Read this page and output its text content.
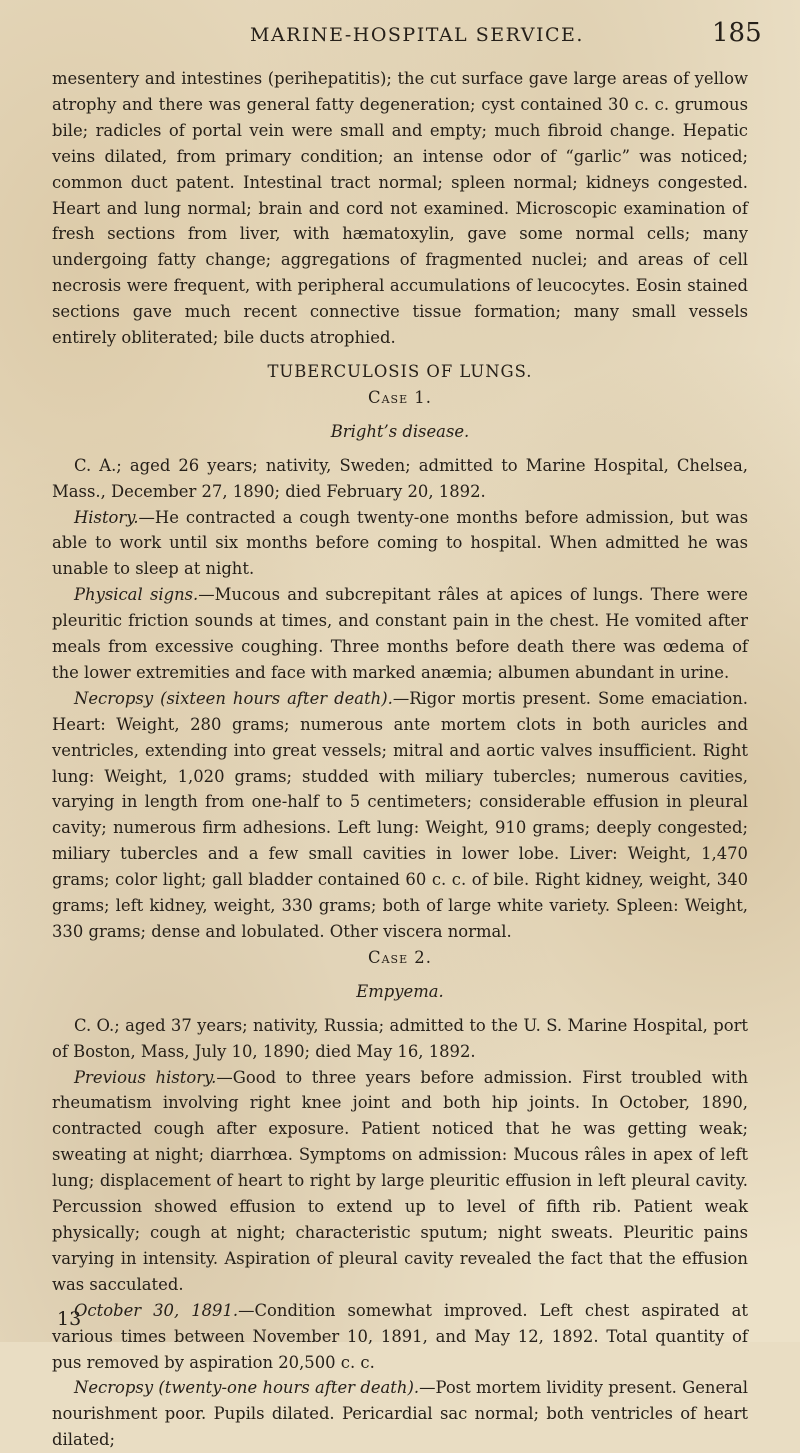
MARINE-HOSPITAL SERVICE.	185

mesentery and intestines (perihepatitis); the cut surface gave large areas of yellow atrophy and there was general fatty degeneration; cyst contained 30 c. c. grumous bile; radicles of portal vein were small and empty; much fibroid change. Hepatic veins dilated, from primary condition; an intense odor of “garlic” was noticed; common duct patent. Intestinal tract normal; spleen normal; kidneys congested. Heart and lung normal; brain and cord not examined. Microscopic examination of fresh sections from liver, with hæmatoxylin, gave some normal cells; many undergoing fatty change; aggregations of fragmented nuclei; and areas of cell necrosis were frequent, with peripheral accumulations of leucocytes. Eosin stained sections gave much recent connective tissue formation; many small vessels entirely obliterated; bile ducts atrophied.

TUBERCULOSIS OF LUNGS.

Case 1.

Bright’s disease.

C. A.; aged 26 years; nativity, Sweden; admitted to Marine Hospital, Chelsea, Mass., December 27, 1890; died February 20, 1892.

History.—He contracted a cough twenty-one months before admission, but was able to work until six months before coming to hospital. When admitted he was unable to sleep at night.

Physical signs.—Mucous and subcrepitant râles at apices of lungs. There were pleuritic friction sounds at times, and constant pain in the chest. He vomited after meals from excessive coughing. Three months before death there was œdema of the lower extremities and face with marked anæmia; albumen abundant in urine.

Necropsy (sixteen hours after death).—Rigor mortis present. Some emaciation. Heart: Weight, 280 grams; numerous ante mortem clots in both auricles and ventricles, extending into great vessels; mitral and aortic valves insufficient. Right lung: Weight, 1,020 grams; studded with miliary tubercles; numerous cavities, varying in length from one-half to 5 centimeters; considerable effusion in pleural cavity; numerous firm adhesions. Left lung: Weight, 910 grams; deeply congested; miliary tubercles and a few small cavities in lower lobe. Liver: Weight, 1,470 grams; color light; gall bladder contained 60 c. c. of bile. Right kidney, weight, 340 grams; left kidney, weight, 330 grams; both of large white variety. Spleen: Weight, 330 grams; dense and lobulated. Other viscera normal.

Case 2.

Empyema.

C. O.; aged 37 years; nativity, Russia; admitted to the U. S. Marine Hospital, port of Boston, Mass, July 10, 1890; died May 16, 1892.

Previous history.—Good to three years before admission. First troubled with rheumatism involving right knee joint and both hip joints. In October, 1890, contracted cough after exposure. Patient noticed that he was getting weak; sweating at night; diarrhœa. Symptoms on admission: Mucous râles in apex of left lung; displacement of heart to right by large pleuritic effusion in left pleural cavity. Percussion showed effusion to extend up to level of fifth rib. Patient weak physically; cough at night; characteristic sputum; night sweats. Pleuritic pains varying in intensity. Aspiration of pleural cavity revealed the fact that the effusion was sacculated.

October 30, 1891.—Condition somewhat improved. Left chest aspirated at various times between November 10, 1891, and May 12, 1892. Total quantity of pus removed by aspiration 20,500 c. c.

Necropsy (twenty-one hours after death).—Post mortem lividity present. General nourishment poor. Pupils dilated. Pericardial sac normal; both ventricles of heart dilated;

13
